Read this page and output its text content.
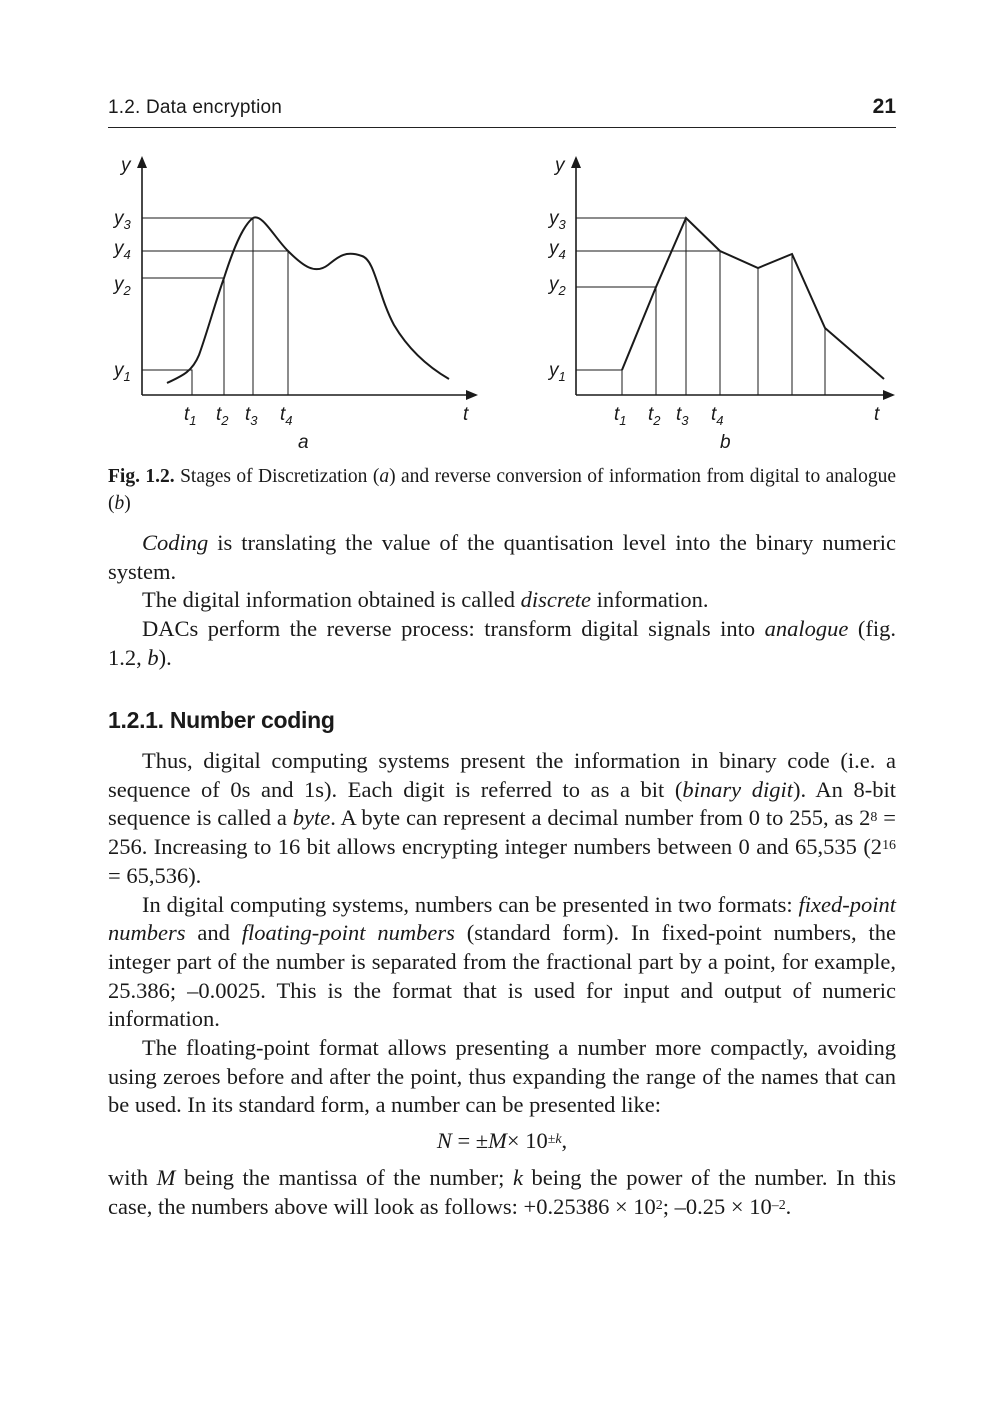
1.2. Data encryption	21
y
$y_3$
$y_4$
$y_2$
$y_1$
$t_1$ $t_2$ $t_3$ $t_4$	t
a
y
$y_3$
$y_4$
$y_2$
$y_1$
$t_1$ $t_2$ $t_3$ $t_4$	t
b
Fig. 1.2. Stages of Discretization (a) and reverse conversion of information from digital to analogue (b)

Coding is translating the value of the quantisation level into the binary numeric system.

The digital information obtained is called discrete information.

DACs perform the reverse process: transform digital signals into analogue (fig. 1.2, b).

1.2.1. Number coding

Thus, digital computing systems present the information in binary code (i.e. a sequence of 0s and 1s). Each digit is referred to as a bit (binary digit). An 8-bit sequence is called a byte. A byte can represent a decimal number from 0 to 255, as $2^8 = 256$. Increasing to 16 bit allows encrypting integer numbers between 0 and 65,535 $(2^{16} = 65,536)$.

In digital computing systems, numbers can be presented in two formats: fixed-point numbers and floating-point numbers (standard form). In fixed-point numbers, the integer part of the number is separated from the fractional part by a point, for example, 25.386; –0.0025. This is the format that is used for input and output of numeric information.

The floating-point format allows presenting a number more compactly, avoiding using zeroes before and after the point, thus expanding the range of the names that can be used. In its standard form, a number can be presented like:

$N = \pm M\times 10^{\pm k}$,

with M being the mantissa of the number; k being the power of the number. In this case, the numbers above will look as follows: $+0.25386 \times 10^2$; $-0.25 \times 10^{-2}$.
